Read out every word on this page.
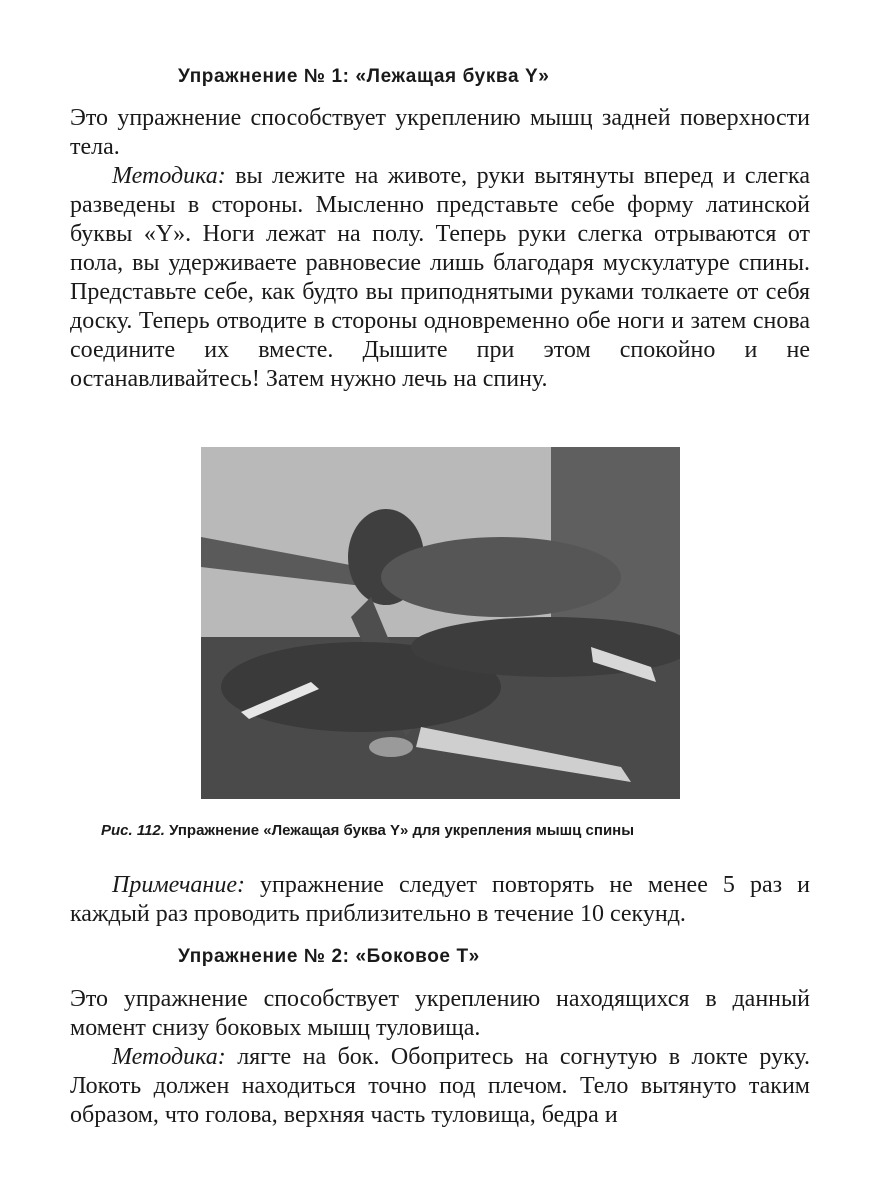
Упражнение № 1: «Лежащая буква Y»

Это упражнение способствует укреплению мышц задней поверхности тела.

Методика: вы лежите на животе, руки вытянуты вперед и слегка разведены в стороны. Мысленно представьте себе форму латинской буквы «Y». Ноги лежат на полу. Теперь руки слегка отрываются от пола, вы удерживаете равновесие лишь благодаря мускулатуре спины. Представьте себе, как будто вы приподнятыми руками толкаете от себя доску. Теперь отводите в стороны одновременно обе ноги и затем снова соедините их вместе. Дышите при этом спокойно и не останавливайтесь! Затем нужно лечь на спину.

Рис. 112. Упражнение «Лежащая буква Y» для укрепления мышц спины

Примечание: упражнение следует повторять не менее 5 раз и каждый раз проводить приблизительно в течение 10 секунд.

Упражнение № 2: «Боковое Т»

Это упражнение способствует укреплению находящихся в данный момент снизу боковых мышц туловища.

Методика: лягте на бок. Обопритесь на согнутую в локте руку. Локоть должен находиться точно под плечом. Тело вытянуто таким образом, что голова, верхняя часть туловища, бедра и
